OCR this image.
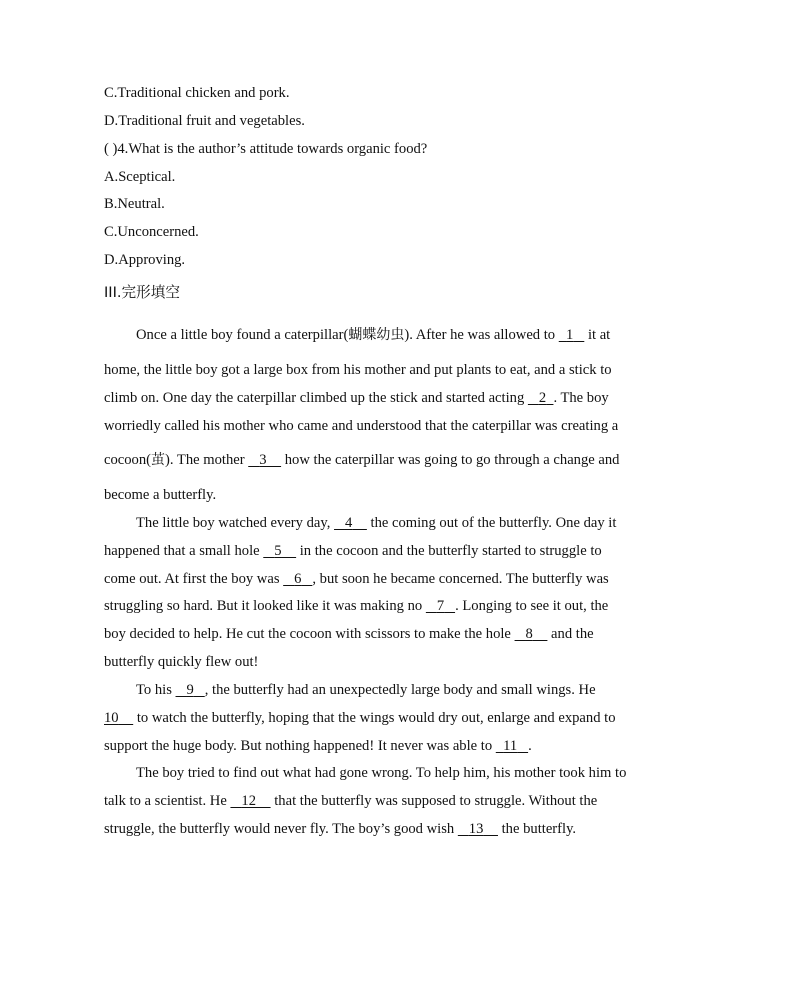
C.Traditional chicken and pork.
D.Traditional fruit and vegetables.
( )4.What is the author’s attitude towards organic food?
A.Sceptical.
B.Neutral.
C.Unconcerned.
D.Approving.
III.完形填空
Once a little boy found a caterpillar(蝴蝶幼虫). After he was allowed to   1    it at
home, the little boy got a large box from his mother and put plants to eat, and a stick to
climb on. One day the caterpillar climbed up the stick and started acting    2 . The boy
worriedly called his mother who came and understood that the caterpillar was creating a
cocoon(茧). The mother    3     how the caterpillar was going to go through a change and
become a butterfly.
The little boy watched every day,    4     the coming out of the butterfly. One day it
happened that a small hole    5     in the cocoon and the butterfly started to struggle to
come out. At first the boy was    6 , but soon he became concerned. The butterfly was
struggling so hard. But it looked like it was making no    7 . Longing to see it out, the
boy decided to help. He cut the cocoon with scissors to make the hole    8     and the
butterfly quickly flew out!
To his    9 , the butterfly had an unexpectedly large body and small wings. He
10     to watch the butterfly, hoping that the wings would dry out, enlarge and expand to
support the huge body. But nothing happened! It never was able to   11 .
The boy tried to find out what had gone wrong. To help him, his mother took him to
talk to a scientist. He    12     that the butterfly was supposed to struggle. Without the
struggle, the butterfly would never fly. The boy’s good wish    13     the butterfly.
